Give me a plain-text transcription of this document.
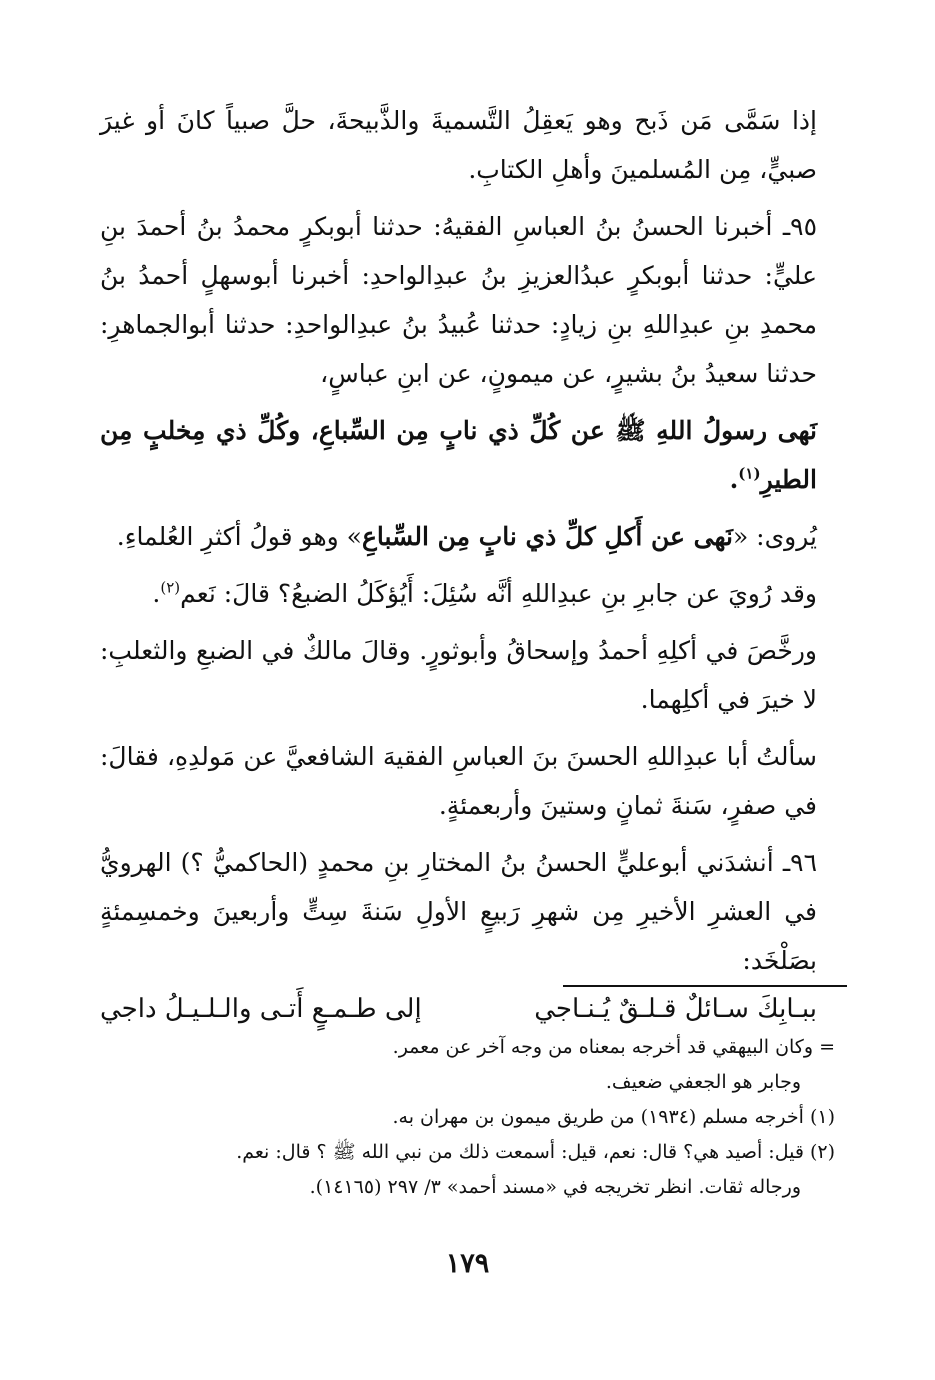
إذا سَمَّى مَن ذَبح وهو يَعقِلُ التَّسميةَ والذَّبيحةَ، حلَّ صبياً كانَ أو غيرَ صبيٍّ، مِن المُسلمينَ وأهلِ الكتابِ.

٩٥ـ أخبرنا الحسنُ بنُ العباسِ الفقيهُ: حدثنا أبوبكرٍ محمدُ بنُ أحمدَ بنِ عليٍّ: حدثنا أبوبكرٍ عبدُالعزيزِ بنُ عبدِالواحدِ: أخبرنا أبوسهلٍ أحمدُ بنُ محمدِ بنِ عبدِاللهِ بنِ زيادٍ: حدثنا عُبيدُ بنُ عبدِالواحدِ: حدثنا أبوالجماهرِ: حدثنا سعيدُ بنُ بشيرٍ، عن ميمونٍ، عن ابنِ عباسٍ،

نَهى رسولُ اللهِ ﷺ عن كُلِّ ذي نابٍ مِن السِّباعِ، وكُلِّ ذي مِخلبٍ مِن الطيرِ$^{(١)}$.

يُروى: «نَهى عن أَكلِ كلِّ ذي نابٍ مِن السِّباعِ» وهو قولُ أكثرِ العُلماءِ.

وقد رُويَ عن جابرِ بنِ عبدِاللهِ أنَّه سُئِلَ: أَيُؤكَلُ الضبعُ؟ قالَ: نَعم$^{(٢)}$.

ورخَّصَ في أكلِهِ أحمدُ وإسحاقُ وأبوثورٍ. وقالَ مالكٌ في الضبعِ والثعلبِ: لا خيرَ في أكلِهما.

سألتُ أبا عبدِاللهِ الحسنَ بنَ العباسِ الفقيهَ الشافعيَّ عن مَولدِهِ، فقالَ: في صفرٍ، سَنةَ ثمانٍ وستينَ وأربعمئةٍ.

٩٦ـ أنشدَني أبوعليٍّ الحسنُ بنُ المختارِ بنِ محمدٍ (الحاكميُّ ؟) الهرويُّ في العشرِ الأخيرِ مِن شهرِ رَبيعٍ الأولِ سَنةَ سِتٍّ وأربعينَ وخمسِمئةٍ بصَلْخَد:

ببـابِكَ سـائلٌ قـلـقٌ يُـنـاجي
إلى طـمـعٍ أَتـى والـلـيـلُ داجي

= وكان البيهقي قد أخرجه بمعناه من وجه آخر عن معمر.

وجابر هو الجعفي ضعيف.

(١) أخرجه مسلم (١٩٣٤) من طريق ميمون بن مهران به.

(٢) قيل: أصيد هي؟ قال: نعم، قيل: أسمعت ذلك من نبي الله ﷺ ؟ قال: نعم.

ورجاله ثقات. انظر تخريجه في «مسند أحمد» ٣/ ٢٩٧ (١٤١٦٥).

١٧٩
